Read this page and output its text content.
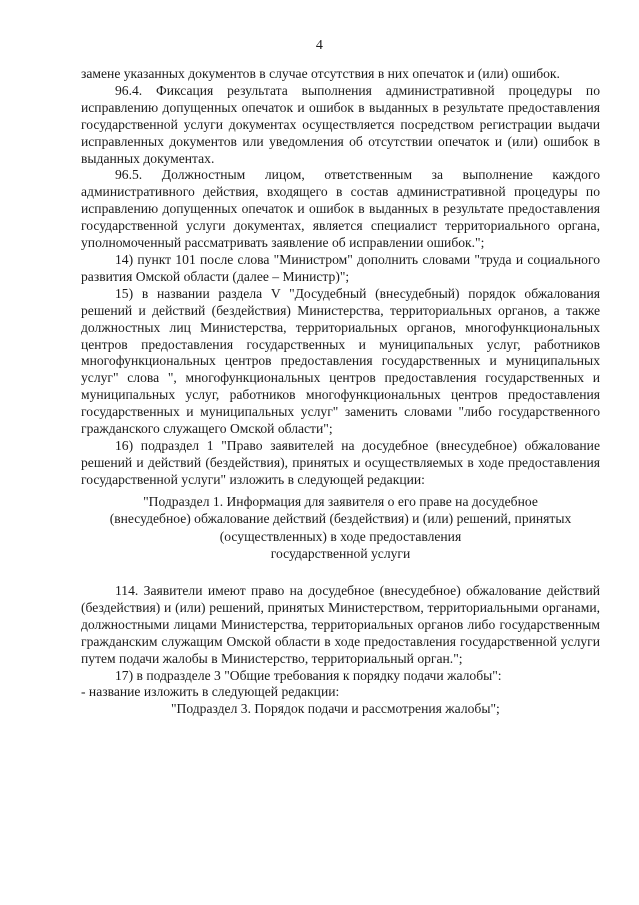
4

замене указанных документов в случае отсутствия в них опечаток и (или) ошибок.

96.4. Фиксация результата выполнения административной процедуры по исправлению допущенных опечаток и ошибок в выданных в результате предоставления государственной услуги документах осуществляется посредством регистрации выдачи исправленных документов или уведомления об отсутствии опечаток и (или) ошибок в выданных документах.

96.5. Должностным лицом, ответственным за выполнение каждого административного действия, входящего в состав административной процедуры по исправлению допущенных опечаток и ошибок в выданных в результате предоставления государственной услуги документах, является специалист территориального органа, уполномоченный рассматривать заявление об исправлении ошибок.";

14) пункт 101 после слова "Министром" дополнить словами "труда и социального развития Омской области (далее – Министр)";

15) в названии раздела V "Досудебный (внесудебный) порядок обжалования решений и действий (бездействия) Министерства, территориальных органов, а также должностных лиц Министерства, территориальных органов, многофункциональных центров предоставления государственных и муниципальных услуг, работников многофункциональных центров предоставления государственных и муниципальных услуг" слова ", многофункциональных центров предоставления государственных и муниципальных услуг, работников многофункциональных центров предоставления государственных и муниципальных услуг" заменить словами "либо государственного гражданского служащего Омской области";

16) подраздел 1 "Право заявителей на досудебное (внесудебное) обжалование решений и действий (бездействия), принятых и осуществляемых в ходе предоставления государственной услуги" изложить в следующей редакции:

"Подраздел 1. Информация для заявителя о его праве на досудебное
(внесудебное) обжалование действий (бездействия) и (или) решений, принятых
(осуществленных) в ходе предоставления
государственной услуги

114. Заявители имеют право на досудебное (внесудебное) обжалование действий (бездействия) и (или) решений, принятых Министерством, территориальными органами, должностными лицами Министерства, территориальных органов либо государственным гражданским служащим Омской области в ходе предоставления государственной услуги путем подачи жалобы в Министерство, территориальный орган.";

17) в подразделе 3 "Общие требования к порядку подачи жалобы":

- название изложить в следующей редакции:

"Подраздел 3. Порядок подачи и рассмотрения жалобы";
